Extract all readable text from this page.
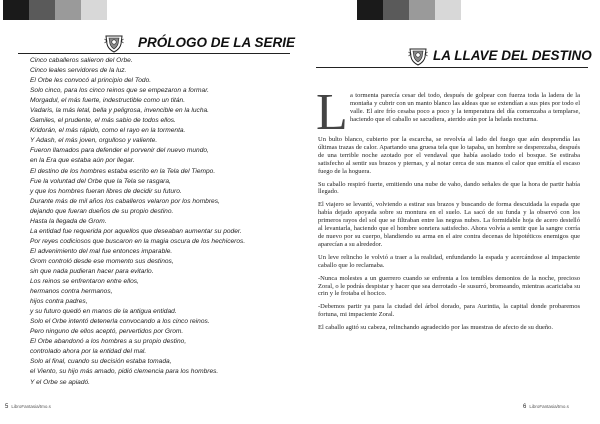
PRÓLOGO DE LA SERIE
Cinco caballeros salieron del Orbe.
Cinco leales servidores de la luz.
El Orbe les convocó al principio del Todo.
Solo cinco, para los cinco reinos que se empezaron a formar.
Morgadul, el más fuerte, indestructible como un titán.
Vadaris, la más letal, bella y peligrosa, invencible en la lucha.
Gamiles, el prudente, el más sabio de todos ellos.
Kridorán, el más rápido, como el rayo en la tormenta.
Y Adash, el más joven, orgulloso y valiente.
Fueron llamados para defender el porvenir del nuevo mundo,
en la Era que estaba aún por llegar.
El destino de los hombres estaba escrito en la Tela del Tiempo.
Fue la voluntad del Orbe que la Tela se rasgara,
y que los hombres fueran libres de decidir su futuro.
Durante más de mil años los caballeros velaron por los hombres,
dejando que fueran dueños de su propio destino.
Hasta la llegada de Grom.
La entidad fue requerida por aquellos que deseaban aumentar su poder.
Por reyes codiciosos que buscaron en la magia oscura de los hechiceros.
El advenimiento del mal fue entonces imparable.
Grom controló desde ese momento sus destinos,
sin que nada pudieran hacer para evitarlo.
Los reinos se enfrentaron entre ellos,
hermanos contra hermanos,
hijos contra padres,
y su futuro quedó en manos de la antigua entidad.
Solo el Orbe intentó detenerla convocando a los cinco reinos.
Pero ninguno de ellos aceptó, pervertidos por Grom.
El Orbe abandonó a los hombres a su propio destino,
controlado ahora por la entidad del mal.
Solo al final, cuando su decisión estaba tomada,
el Viento, su hijo más amado, pidió clemencia para los hombres.
Y el Orbe se apiadó.
5 LibroFantasia/tmo.s
LA LLAVE DEL DESTINO
L a tormenta parecía cesar del todo, después de golpear con fuerza toda la ladera de la montaña y cubrir con un manto blanco las aldeas que se extendían a sus pies por todo el valle. El aire frío cesaba poco a poco y la temperatura del día comenzaba a templarse, haciendo que el caballo se sacudiera, aterido aún por la helada nocturna.

Un bulto blanco, cubierto por la escarcha, se revolvía al lado del fuego que aún desprendía las últimas trazas de calor. Apartando una gruesa tela que lo tapaba, un hombre se desperezaba, después de una terrible noche azotado por el vendaval que había asolado todo el bosque. Se estiraba satisfecho al sentir sus brazos y piernas, y al notar cerca de sus manos el calor que emitía el escaso fuego de la hoguera.

Su caballo respiró fuerte, emitiendo una nube de vaho, dando señales de que la hora de partir había llegado.

El viajero se levantó, volviendo a estirar sus brazos y buscando de forma descuidada la espada que había dejado apoyada sobre su montura en el suelo. La sacó de su funda y la observó con los primeros rayos del sol que se filtraban entre las negras nubes. La formidable hoja de acero destelló al levantarla, haciendo que el hombre sonriera satisfecho. Ahora volvía a sentir que la sangre corría de nuevo por su cuerpo, blandiendo su arma en el aire contra decenas de hipotéticos enemigos que aparecían a su alrededor.

Un leve relincho le volvió a traer a la realidad, enfundando la espada y acercándose al impaciente caballo que lo reclamaba.

-Nunca molestes a un guerrero cuando se enfrenta a los temibles demonios de la noche, precioso Zoral, o le podrás despistar y hacer que sea derrotado -le susurró, bromeando, mientras acariciaba su crin y le frotaba el hocico.

-Debemos partir ya para la ciudad del árbol dorado, para Aurintia, la capital donde probaremos fortuna, mi impaciente Zoral.

El caballo agitó su cabeza, relinchando agradecido por las muestras de afecto de su dueño.

6 LibroFantasia/tmo.s
